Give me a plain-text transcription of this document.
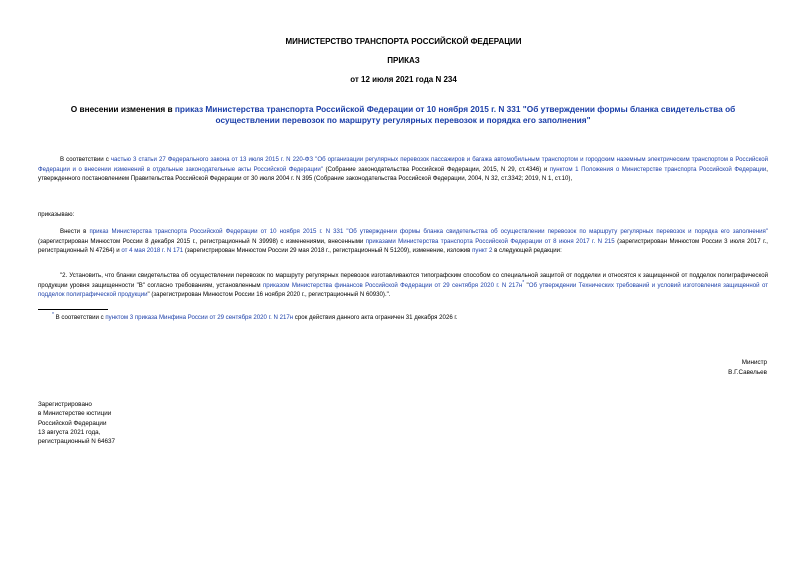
МИНИСТЕРСТВО ТРАНСПОРТА РОССИЙСКОЙ ФЕДЕРАЦИИ
ПРИКАЗ
от 12 июля 2021 года N 234
О внесении изменения в приказ Министерства транспорта Российской Федерации от 10 ноября 2015 г. N 331 "Об утверждении формы бланка свидетельства об осуществлении перевозок по маршруту регулярных перевозок и порядка его заполнения"
В соответствии с частью 3 статьи 27 Федерального закона от 13 июля 2015 г. N 220-ФЗ "Об организации регулярных перевозок пассажиров и багажа автомобильным транспортом и городским наземным электрическим транспортом в Российской Федерации и о внесении изменений в отдельные законодательные акты Российской Федерации" (Собрание законодательства Российской Федерации, 2015, N 29, ст.4346) и пунктом 1 Положения о Министерстве транспорта Российской Федерации, утвержденного постановлением Правительства Российской Федерации от 30 июля 2004 г. N 395 (Собрание законодательства Российской Федерации, 2004, N 32, ст.3342; 2019, N 1, ст.10),
приказываю:
Внести в приказ Министерства транспорта Российской Федерации от 10 ноября 2015 г. N 331 "Об утверждении формы бланка свидетельства об осуществлении перевозок по маршруту регулярных перевозок и порядка его заполнения" (зарегистрирован Минюстом России 8 декабря 2015 г., регистрационный N 39998) с изменениями, внесенными приказами Министерства транспорта Российской Федерации от 8 июня 2017 г. N 215 (зарегистрирован Минюстом России 3 июля 2017 г., регистрационный N 47264) и от 4 мая 2018 г. N 171 (зарегистрирован Минюстом России 29 мая 2018 г., регистрационный N 51209), изменение, изложив пункт 2 в следующей редакции:
"2. Установить, что бланки свидетельства об осуществлении перевозок по маршруту регулярных перевозок изготавливаются типографским способом со специальной защитой от подделки и относятся к защищенной от подделок полиграфической продукции уровня защищенности "В" согласно требованиям, установленным приказом Министерства финансов Российской Федерации от 29 сентября 2020 г. N 217н* "Об утверждении Технических требований и условий изготовления защищенной от подделок полиграфической продукции" (зарегистрирован Минюстом России 16 ноября 2020 г., регистрационный N 60930).".
* В соответствии с пунктом 3 приказа Минфина России от 29 сентября 2020 г. N 217н срок действия данного акта ограничен 31 декабря 2026 г.
Министр
В.Г.Савельев
Зарегистрировано
в Министерстве юстиции
Российской Федерации
13 августа 2021 года,
регистрационный N 64637
